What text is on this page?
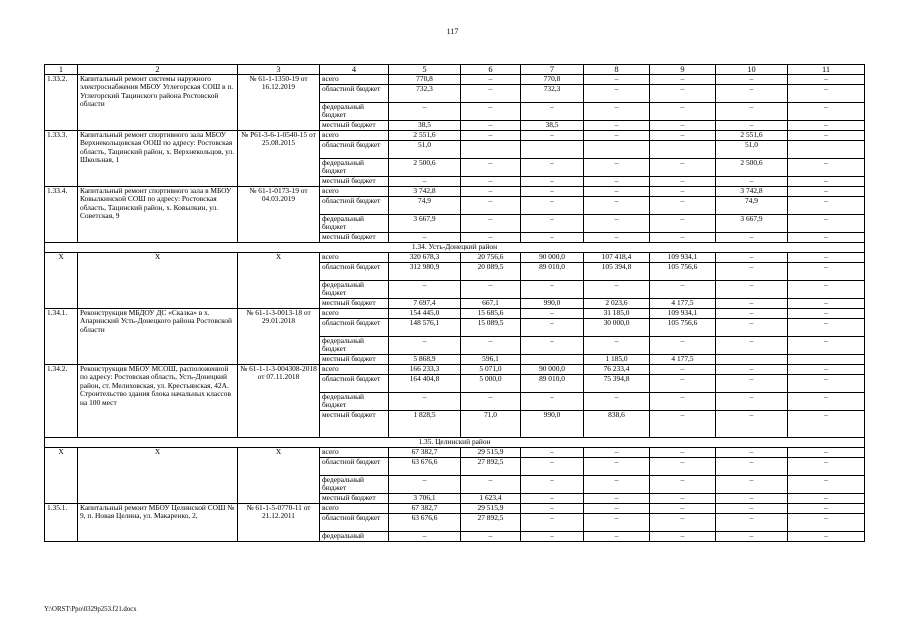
117
1	2	3	4	5	6	7	8	9	10	11
1.33.2.	Капитальный ремонт системы наружного электроснабжения МБОУ Углегорская СОШ в п. Углегорский Тацинского района Ростовской области	№ 61-1-1350-19 от 16.12.2019	всего	770,8	–	770,8	–	–	–	–
			областной бюджет	732,3	–	732,3	–	–	–	–
			федеральный бюджет	–	–	–	–	–	–	–
			местный бюджет	38,5	–	38,5	–	–	–	–
1.33.3.	Капитальный ремонт спортивного зала МБОУ Верхнекольцовская ООШ по адресу: Ростовская область, Тацинский район, х. Верхнекольцов, ул. Школьная, 1	№ Р61-3-6-1-0540-15 от 25.08.2015	всего	2 551,6	–	–	–	–	2 551,6	–
			областной бюджет	51,0					51,0	
			федеральный бюджет	2 500,6	–	–	–	–	2 500,6	–
			местный бюджет	–	–	–	–	–	–	–
1.33.4.	Капитальный ремонт спортивного зала в МБОУ Ковылкинской СОШ по адресу: Ростовская область, Тацинский район, х. Ковылкин, ул. Советская, 9	№ 61-1-0173-19 от 04.03.2019	всего	3 742,8	–	–	–	–	3 742,8	–
			областной бюджет	74,9	–	–	–	–	74,9	–
			федеральный бюджет	3 667,9	–	–	–	–	3 667,9	–
			местный бюджет	–	–	–	–	–	–	–
1.34. Усть-Донецкий район										
Х	Х	Х	всего	320 678,3	20 756,6	90 000,0	107 418,4	109 934,1	–	–
			областной бюджет	312 980,9	20 089,5	89 010,0	105 394,8	105 756,6	–	–
			федеральный бюджет	–	–	–	–	–	–	–
			местный бюджет	7 697,4	667,1	990,0	2 023,6	4 177,5	–	–
1.34.1.	Реконструкция МБДОУ ДС «Сказка» в х. Апаринский Усть-Донецкого района Ростовской области	№ 61-1-3-0013-18 от 29.01.2018	всего	154 445,0	15 685,6	–	31 185,0	109 934,1	–	–
			областной бюджет	148 576,1	15 089,5	–	30 000,0	105 756,6	–	–
			федеральный бюджет	–	–	–	–	–	–	–
			местный бюджет	5 868,9	596,1		1 185,0	4 177,5		
1.34.2.	Реконструкция МБОУ МСОШ, расположенной по адресу: Ростовская область, Усть-Донецкий район, ст. Мелиховская, ул. Крестьянская, 42А. Строительство здания блока начальных классов на 100 мест	№ 61-1-1-3-004308-2018 от 07.11.2018	всего	166 233,3	5 071,0	90 000,0	76 233,4	–	–	–
			областной бюджет	164 404,8	5 000,0	89 010,0	75 394,8	–	–	–
			федеральный бюджет	–	–	–	–	–	–	–
			местный бюджет	1 828,5	71,0	990,0	838,6	–	–	–
1.35. Целинский район										
Х	Х	Х	всего	67 382,7	29 515,9	–	–	–	–	–
			областной бюджет	63 676,6	27 892,5	–	–	–	–	–
			федеральный бюджет	–	–	–	–	–	–	–
			местный бюджет	3 706,1	1 623,4	–	–	–	–	–
1.35.1.	Капитальный ремонт МБОУ Целинской СОШ № 9, п. Новая Целина, ул. Макаренко, 2,	№ 61-1-5-0770-11 от 21.12.2011	всего	67 382,7	29 515,9	–	–	–	–	–
			областной бюджет	63 676,6	27 892,5	–	–	–	–	–
			федеральный	–	–	–	–	–	–	–
Y:\ORST\Ppo\0329p253.f21.docx
